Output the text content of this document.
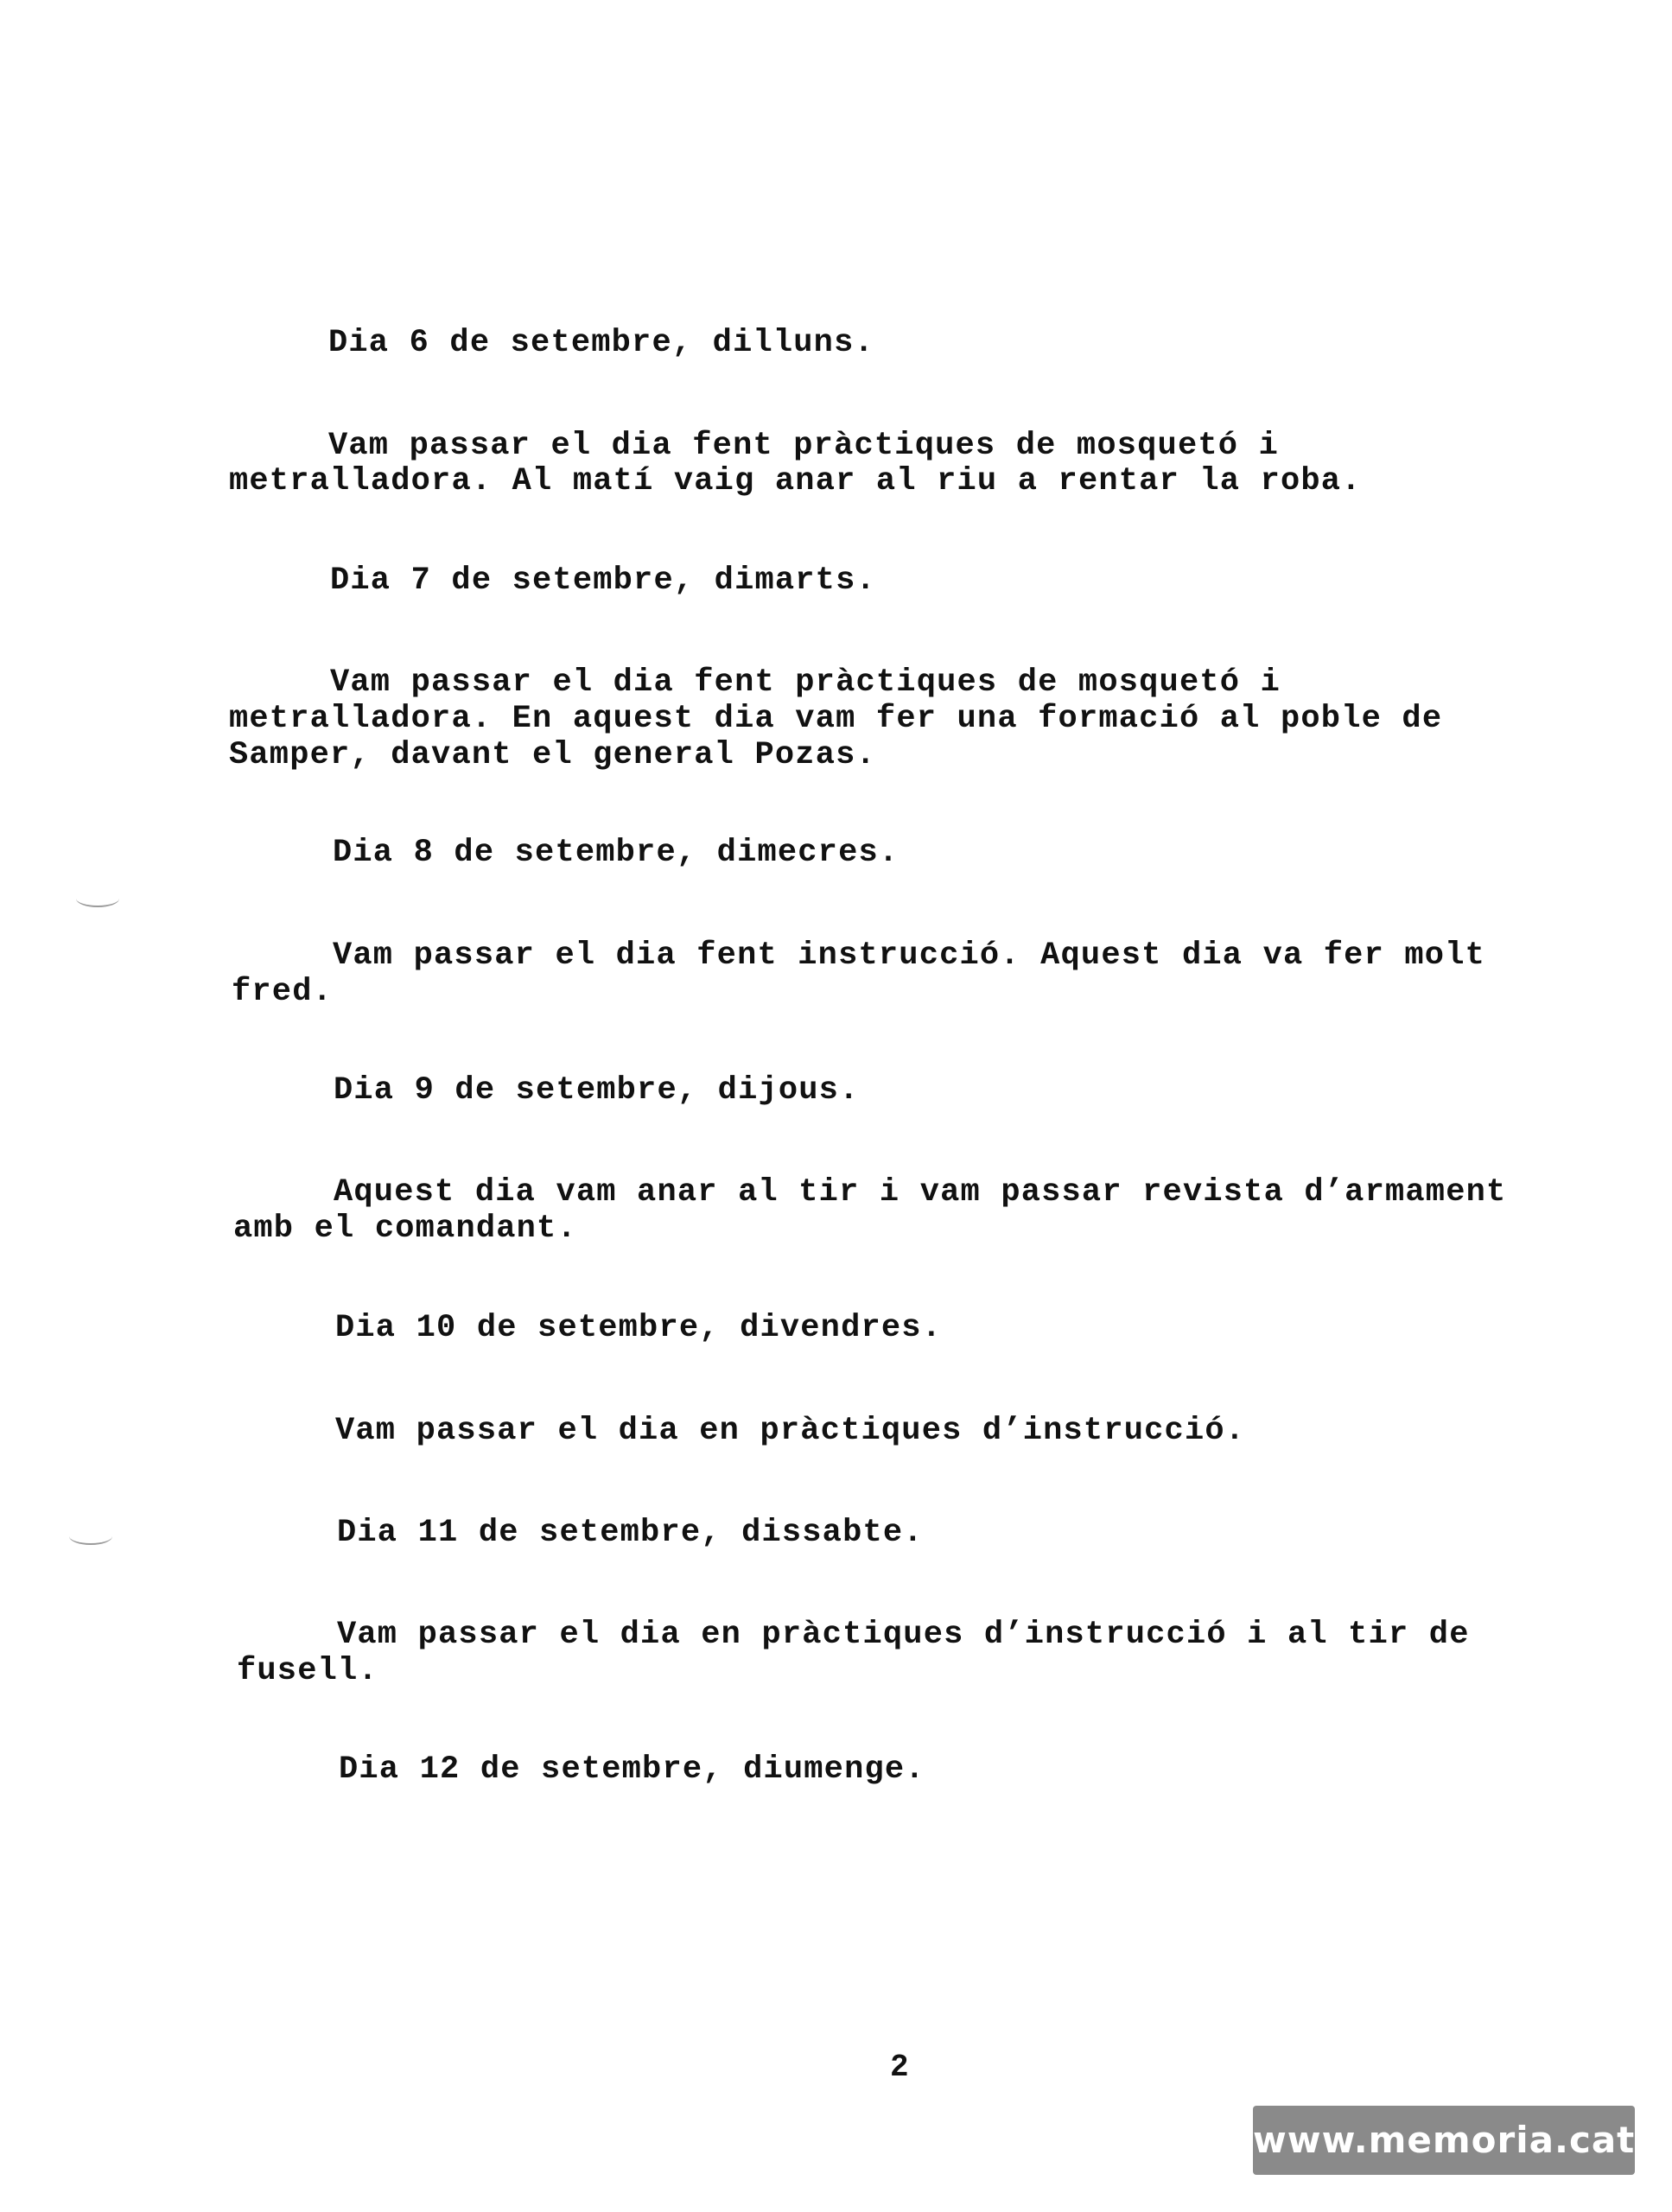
Dia 6 de setembre, dilluns.
Vam passar el dia fent pràctiques de mosquetó i
metralladora. Al matí vaig anar al riu a rentar la roba.
Dia 7 de setembre, dimarts.
Vam passar el dia fent pràctiques de mosquetó i
metralladora. En aquest dia vam fer una formació al poble de
Samper, davant el general Pozas.
Dia 8 de setembre, dimecres.
Vam passar el dia fent instrucció. Aquest dia va fer molt
fred.
Dia 9 de setembre, dijous.
Aquest dia vam anar al tir i vam passar revista d’armament
amb el comandant.
Dia 10 de setembre, divendres.
Vam passar el dia en pràctiques d’instrucció.
Dia 11 de setembre, dissabte.
Vam passar el dia en pràctiques d’instrucció i al tir de
fusell.
Dia 12 de setembre, diumenge.
2
www.memoria.cat
